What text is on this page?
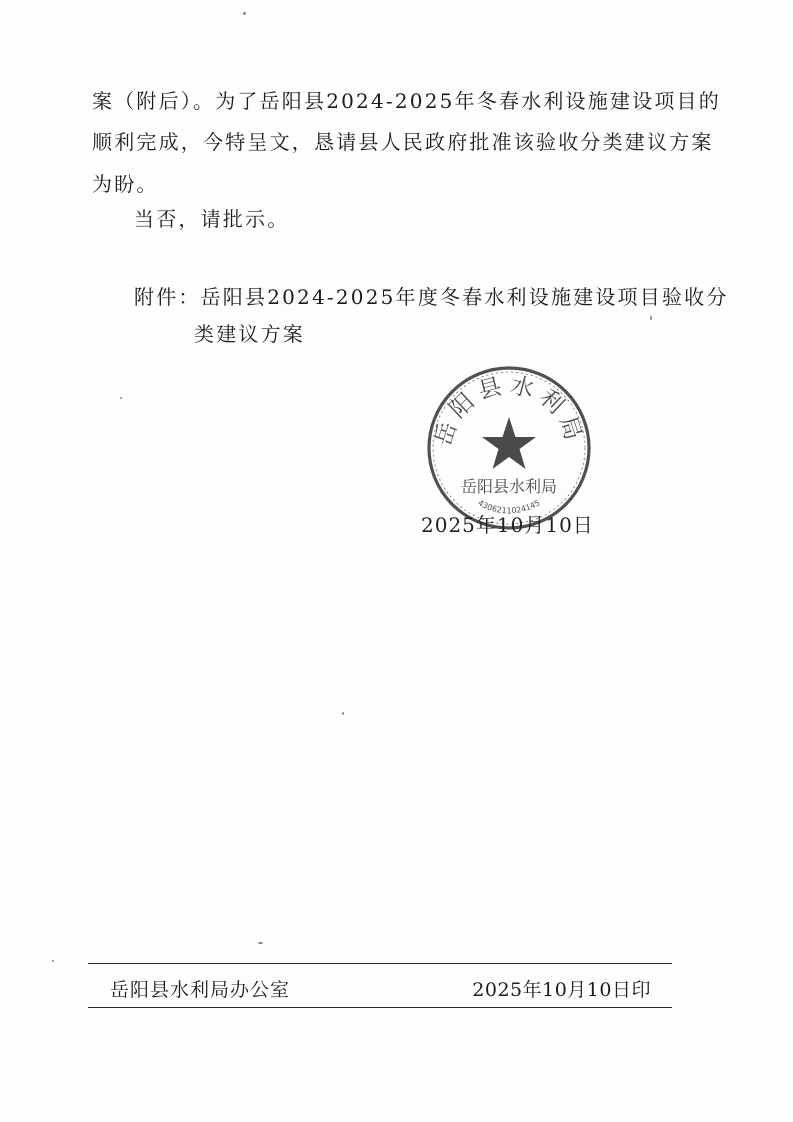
案（附后）。为了岳阳县2024-2025年冬春水利设施建设项目的
顺利完成，今特呈文，恳请县人民政府批准该验收分类建议方案
为盼。
当否，请批示。
附件：岳阳县2024-2025年度冬春水利设施建设项目验收分
类建议方案
岳阳县水利局
岳阳县水利局
4306211024145
2025年10月10日
岳阳县水利局办公室	2025年10月10日印
